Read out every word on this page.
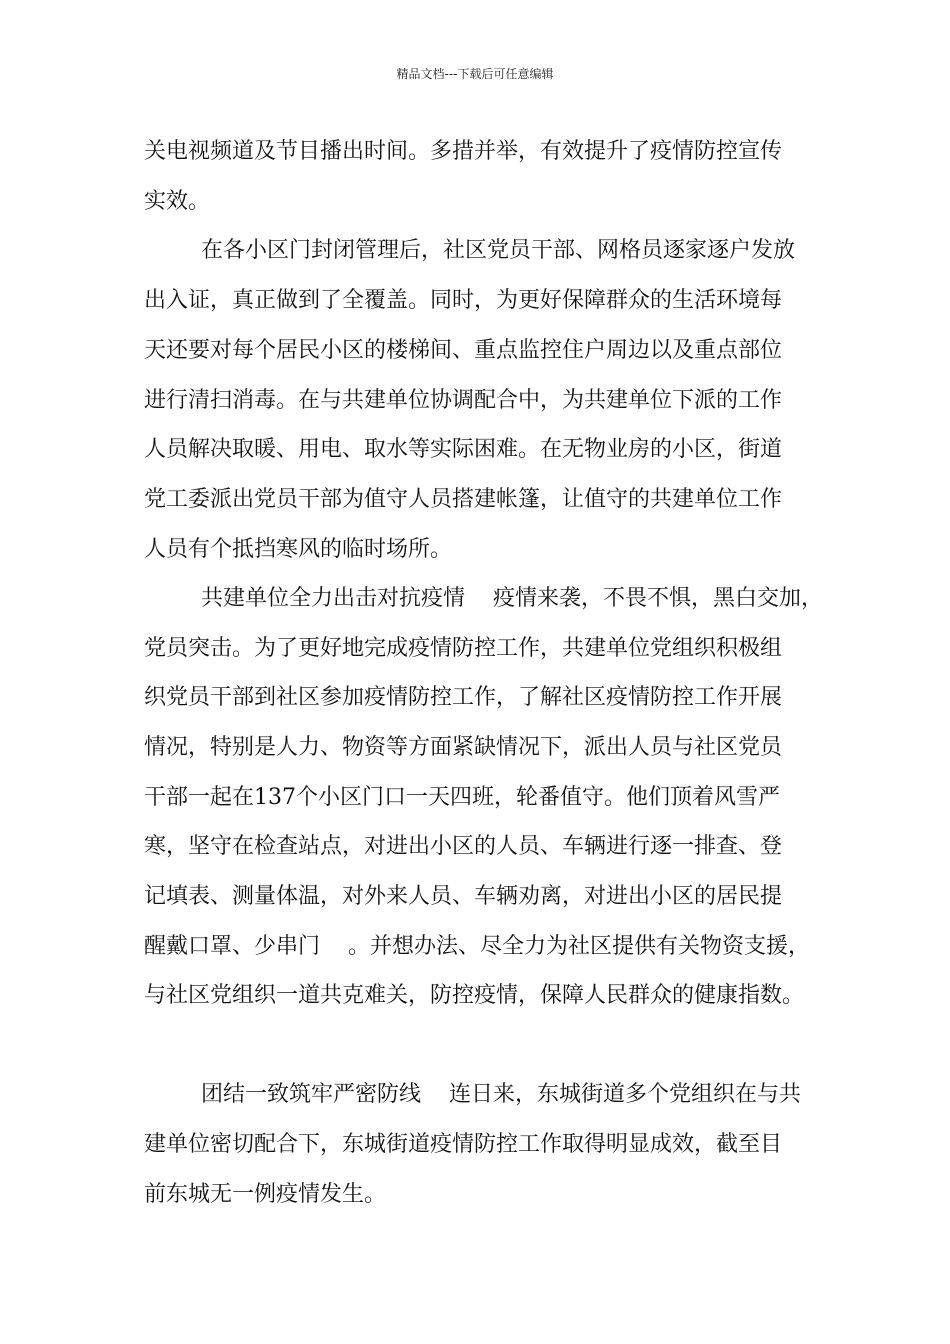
精品文档---下载后可任意编辑
关电视频道及节目播出时间。多措并举，有效提升了疫情防控宣传
实效。
在各小区门封闭管理后，社区党员干部、网格员逐家逐户发放
出入证，真正做到了全覆盖。同时，为更好保障群众的生活环境每
天还要对每个居民小区的楼梯间、重点监控住户周边以及重点部位
进行清扫消毒。在与共建单位协调配合中，为共建单位下派的工作
人员解决取暖、用电、取水等实际困难。在无物业房的小区，街道
党工委派出党员干部为值守人员搭建帐篷，让值守的共建单位工作
人员有个抵挡寒风的临时场所。
共建单位全力出击对抗疫情    疫情来袭，不畏不惧，黑白交加，
党员突击。为了更好地完成疫情防控工作，共建单位党组织积极组
织党员干部到社区参加疫情防控工作，了解社区疫情防控工作开展
情况，特别是人力、物资等方面紧缺情况下，派出人员与社区党员
干部一起在137个小区门口一天四班，轮番值守。他们顶着风雪严
寒，坚守在检查站点，对进出小区的人员、车辆进行逐一排查、登
记填表、测量体温，对外来人员、车辆劝离，对进出小区的居民提
醒戴口罩、少串门    。并想办法、尽全力为社区提供有关物资支援，
与社区党组织一道共克难关，防控疫情，保障人民群众的健康指数。
团结一致筑牢严密防线    连日来，东城街道多个党组织在与共
建单位密切配合下，东城街道疫情防控工作取得明显成效，截至目
前东城无一例疫情发生。
